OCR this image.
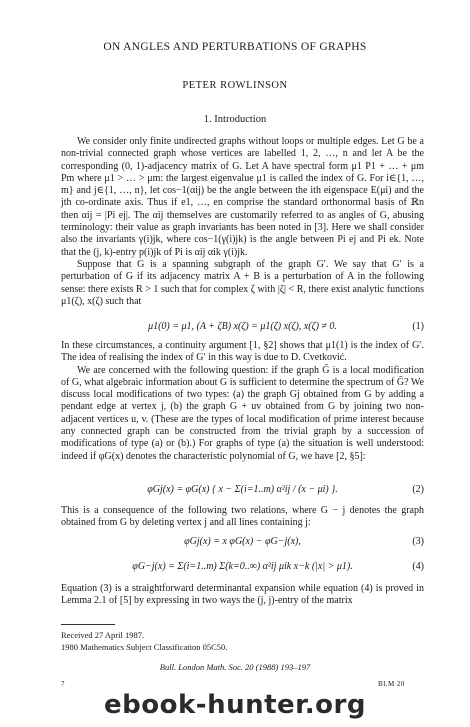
ON ANGLES AND PERTURBATIONS OF GRAPHS
PETER ROWLINSON
1. Introduction

We consider only finite undirected graphs without loops or multiple edges. Let G be a non-trivial connected graph whose vertices are labelled 1, 2, …, n and let A be the corresponding (0, 1)-adjacency matrix of G. Let A have spectral form μ1 P1 + … + μm Pm where μ1 > … > μm: the largest eigenvalue μ1 is called the index of G. For i∈{1, …, m} and j∈{1, …, n}, let cos−1(αij) be the angle between the ith eigenspace E(μi) and the jth co-ordinate axis. Thus if e1, …, en comprise the standard orthonormal basis of ℝn then αij = |Pi ej|. The αij themselves are customarily referred to as angles of G, abusing terminology: their value as graph invariants has been noted in [3]. Here we shall consider also the invariants γ(i)jk, where cos−1(γ(i)jk) is the angle between Pi ej and Pi ek. Note that the (j, k)-entry p(i)jk of Pi is αij αik γ(i)jk.

Suppose that G is a spanning subgraph of the graph G′. We say that G′ is a perturbation of G if its adjacency matrix A + B is a perturbation of A in the following sense: there exists R > 1 such that for complex ζ with |ζ| < R, there exist analytic functions μ1(ζ), x(ζ) such that

μ1(0) = μ1, (A + ζB) x(ζ) = μ1(ζ) x(ζ), x(ζ) ≠ 0.	(1)

In these circumstances, a continuity argument [1, §2] shows that μ1(1) is the index of G′. The idea of realising the index of G′ in this way is due to D. Cvetković.

We are concerned with the following question: if the graph G̃ is a local modification of G, what algebraic information about G is sufficient to determine the spectrum of G̃? We discuss local modifications of two types: (a) the graph Gj obtained from G by adding a pendant edge at vertex j, (b) the graph G + uv obtained from G by joining two non-adjacent vertices u, v. (These are the types of local modification of prime interest because any connected graph can be constructed from the trivial graph by a succession of modifications of type (a) or (b).) For graphs of type (a) the situation is well understood: indeed if φG(x) denotes the characteristic polynomial of G, we have [2, §5]:

φGj(x) = φG(x) { x − Σ(i=1..m) α²ij / (x − μi) }.	(2)

This is a consequence of the following two relations, where G − j denotes the graph obtained from G by deleting vertex j and all lines containing j:

φGj(x) = x φG(x) − φG−j(x),	(3)
φG−j(x) = Σ(i=1..m) Σ(k=0..∞) α²ij μik x−k (|x| > μ1).	(4)

Equation (3) is a straightforward determinantal expansion while equation (4) is proved in Lemma 2.1 of [5] by expressing in two ways the (j, j)-entry of the matrix

Received 27 April 1987.
1980 Mathematics Subject Classification 05C50.
Bull. London Math. Soc. 20 (1988) 193–197
7	BLM 20
ebook-hunter.org
